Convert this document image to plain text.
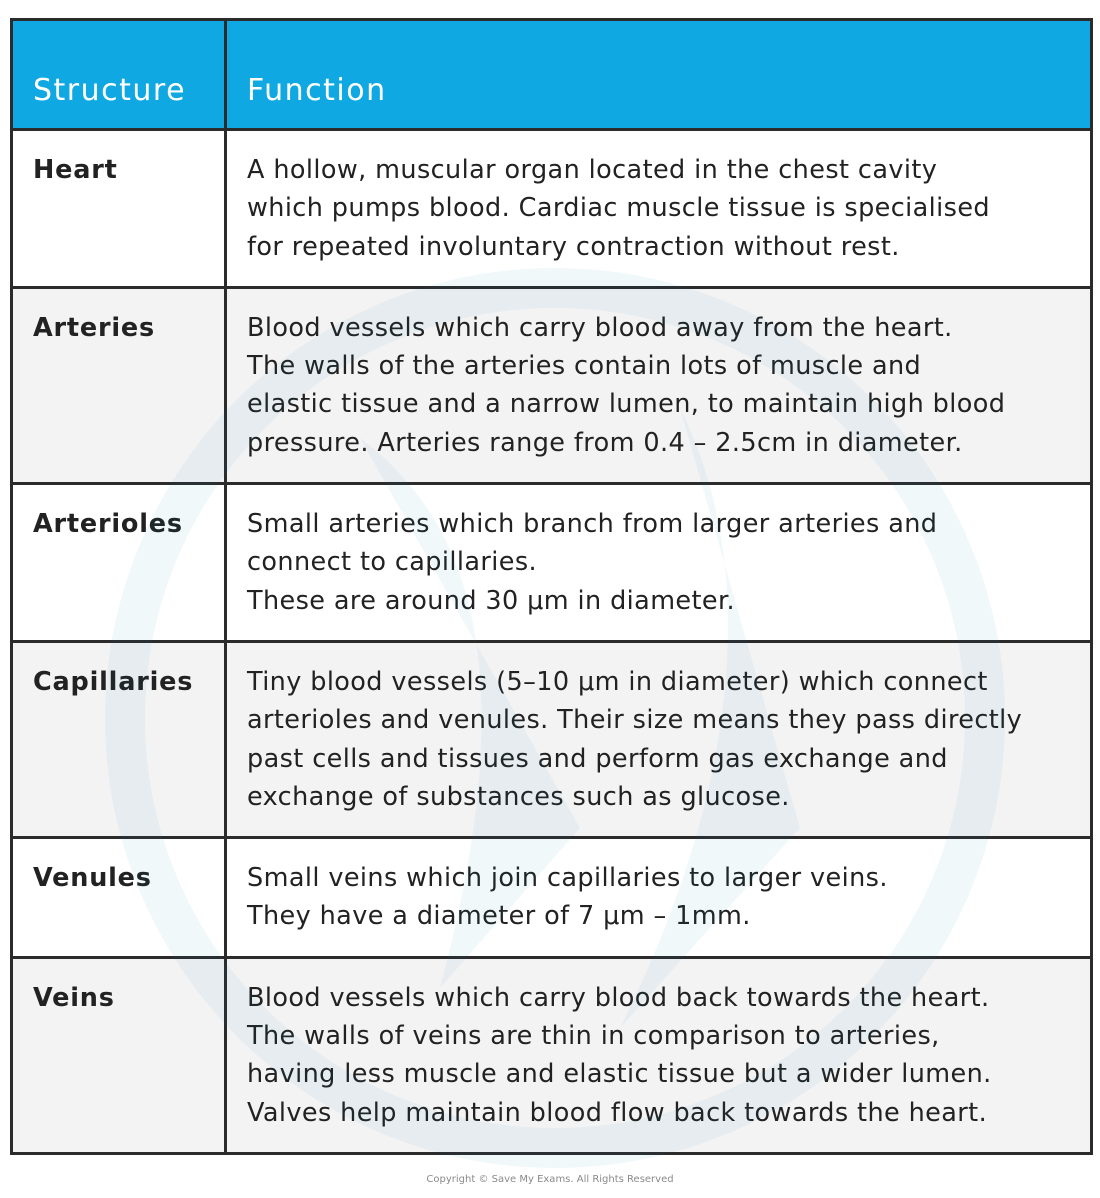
Structure	Function
Heart	A hollow, muscular organ located in the chest cavity
which pumps blood. Cardiac muscle tissue is specialised
for repeated involuntary contraction without rest.

Arteries	Blood vessels which carry blood away from the heart.
The walls of the arteries contain lots of muscle and
elastic tissue and a narrow lumen, to maintain high blood
pressure. Arteries range from 0.4 – 2.5cm in diameter.

Arterioles	Small arteries which branch from larger arteries and
connect to capillaries.
These are around 30 μm in diameter.

Capillaries	Tiny blood vessels (5–10 μm in diameter) which connect
arterioles and venules. Their size means they pass directly
past cells and tissues and perform gas exchange and
exchange of substances such as glucose.

Venules	Small veins which join capillaries to larger veins.
They have a diameter of 7 μm – 1mm.

Veins	Blood vessels which carry blood back towards the heart.
The walls of veins are thin in comparison to arteries,
having less muscle and elastic tissue but a wider lumen.
Valves help maintain blood flow back towards the heart.
Copyright © Save My Exams. All Rights Reserved
